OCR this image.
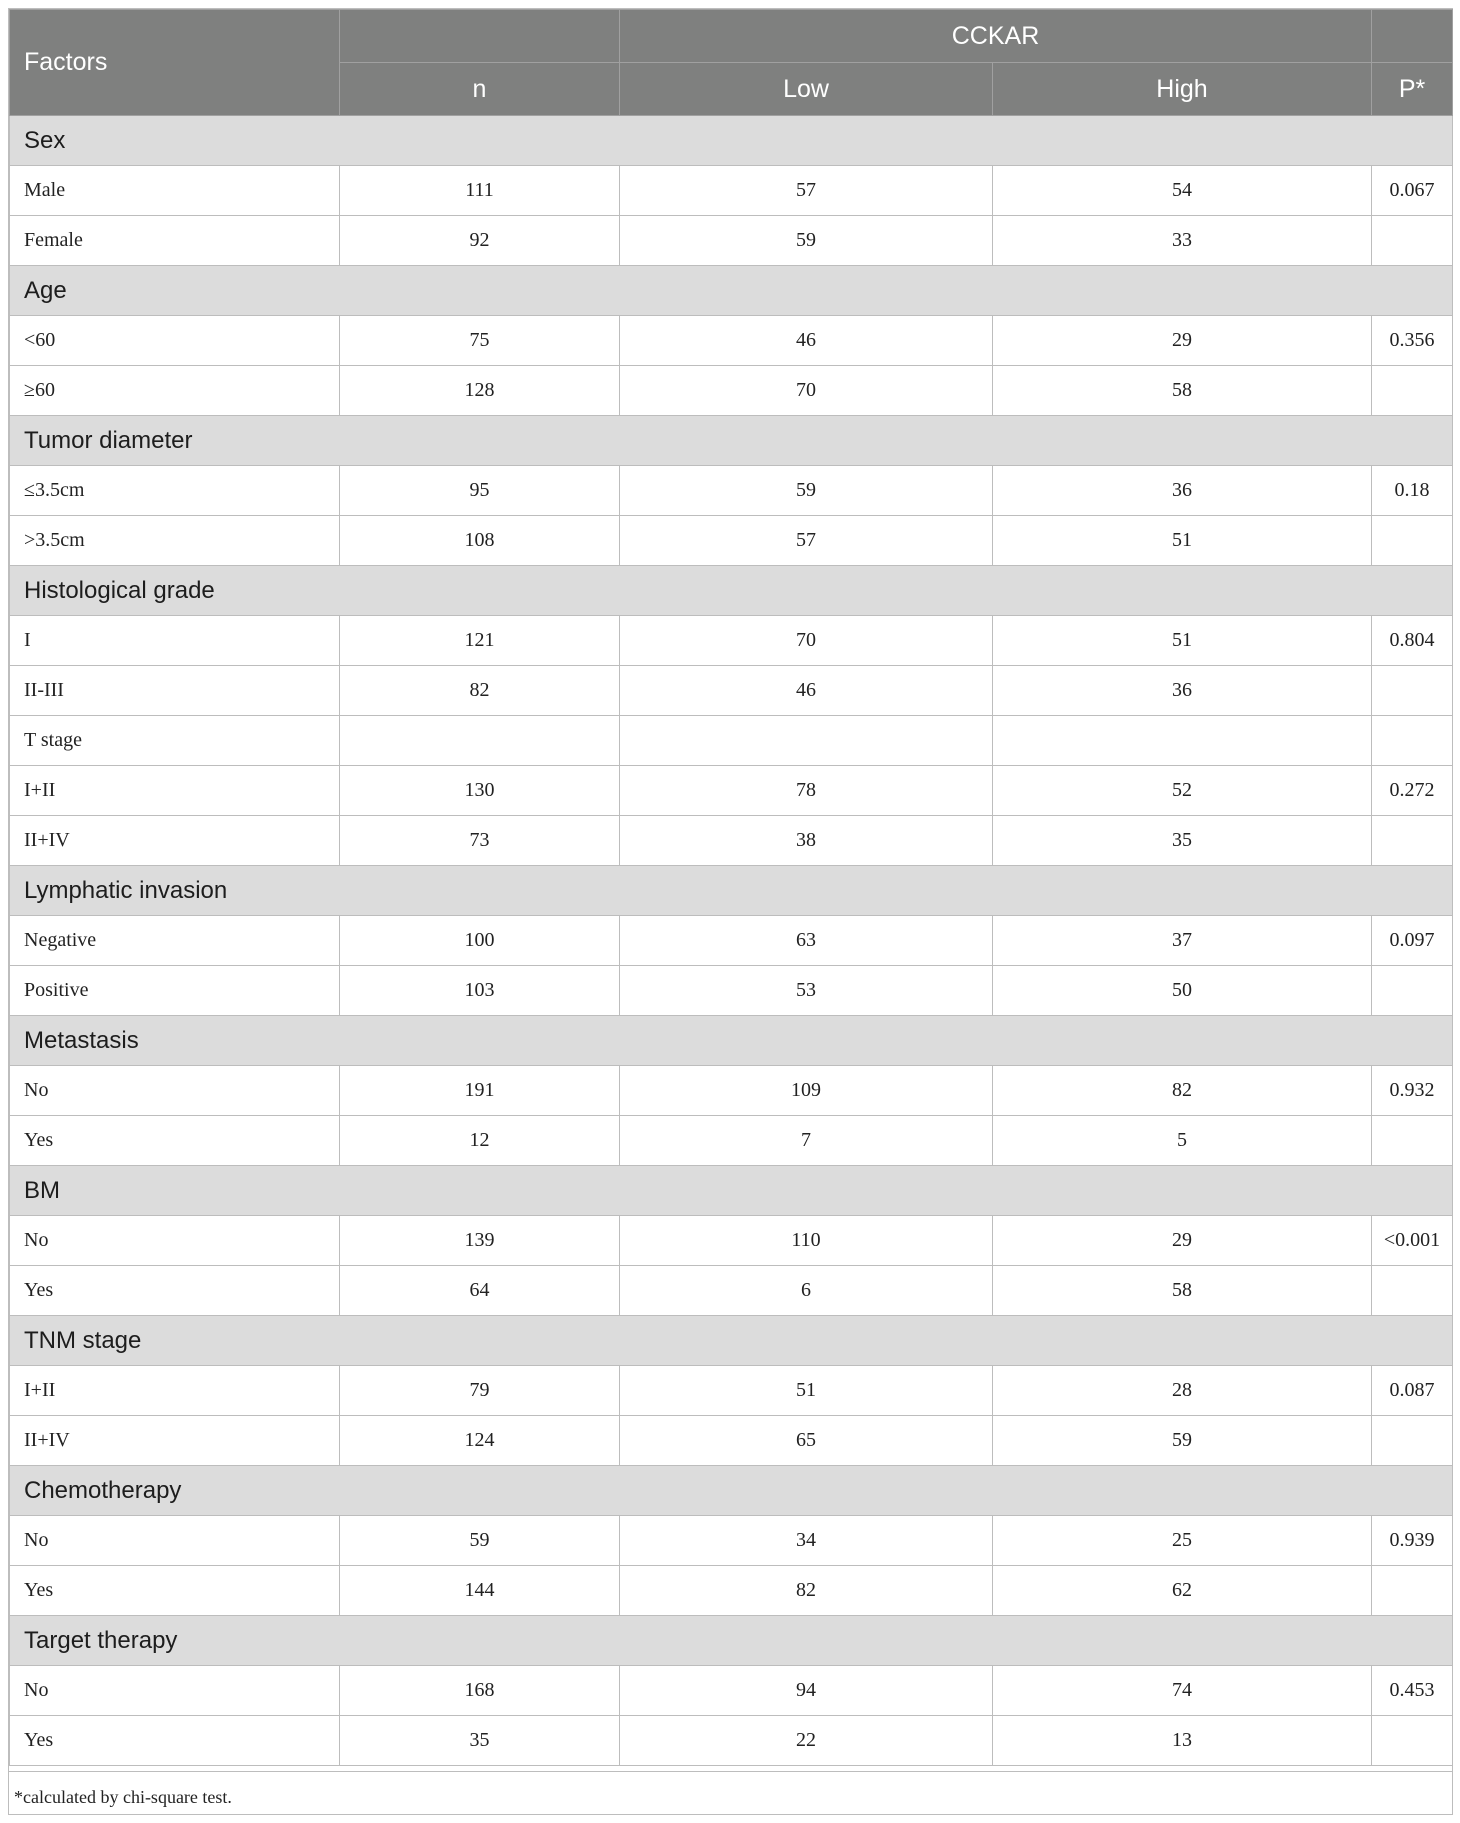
Factors		CCKAR		
	n	Low	High	P*
Sex				
Male	111	57	54	0.067
Female	92	59	33	
Age				
<60	75	46	29	0.356
≥60	128	70	58	
Tumor diameter				
≤3.5cm	95	59	36	0.18
>3.5cm	108	57	51	
Histological grade				
I	121	70	51	0.804
II-III	82	46	36	
T stage				
I+II	130	78	52	0.272
II+IV	73	38	35	
Lymphatic invasion				
Negative	100	63	37	0.097
Positive	103	53	50	
Metastasis				
No	191	109	82	0.932
Yes	12	7	5	
BM				
No	139	110	29	<0.001
Yes	64	6	58	
TNM stage				
I+II	79	51	28	0.087
II+IV	124	65	59	
Chemotherapy				
No	59	34	25	0.939
Yes	144	82	62	
Target therapy				
No	168	94	74	0.453
Yes	35	22	13	
*calculated by chi-square test.
